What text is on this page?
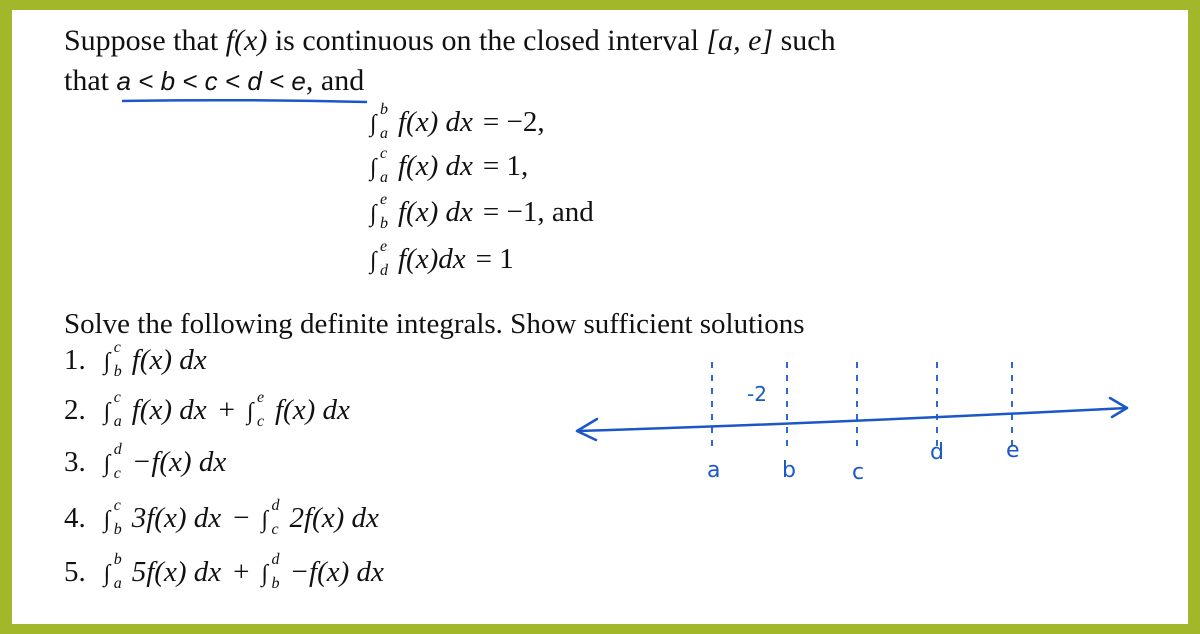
Suppose that f(x) is continuous on the closed interval [a, e] such
that a < b < c < d < e, and
∫
b
a f(x) dx = −2,
∫
c
a f(x) dx = 1,
∫
e
b f(x) dx = −1, and
∫
e
d f(x)dx = 1
Solve the following definite integrals. Show sufficient solutions
1. ∫
c
b f(x) dx
2. ∫
c
a f(x) dx + ∫
e
c f(x) dx
3. ∫
d
c −f(x) dx
4. ∫
c
b 3f(x) dx − ∫
d
c 2f(x) dx
5. ∫
b
a 5f(x) dx + ∫
d
b −f(x) dx
-2
a	b	c
d	e
